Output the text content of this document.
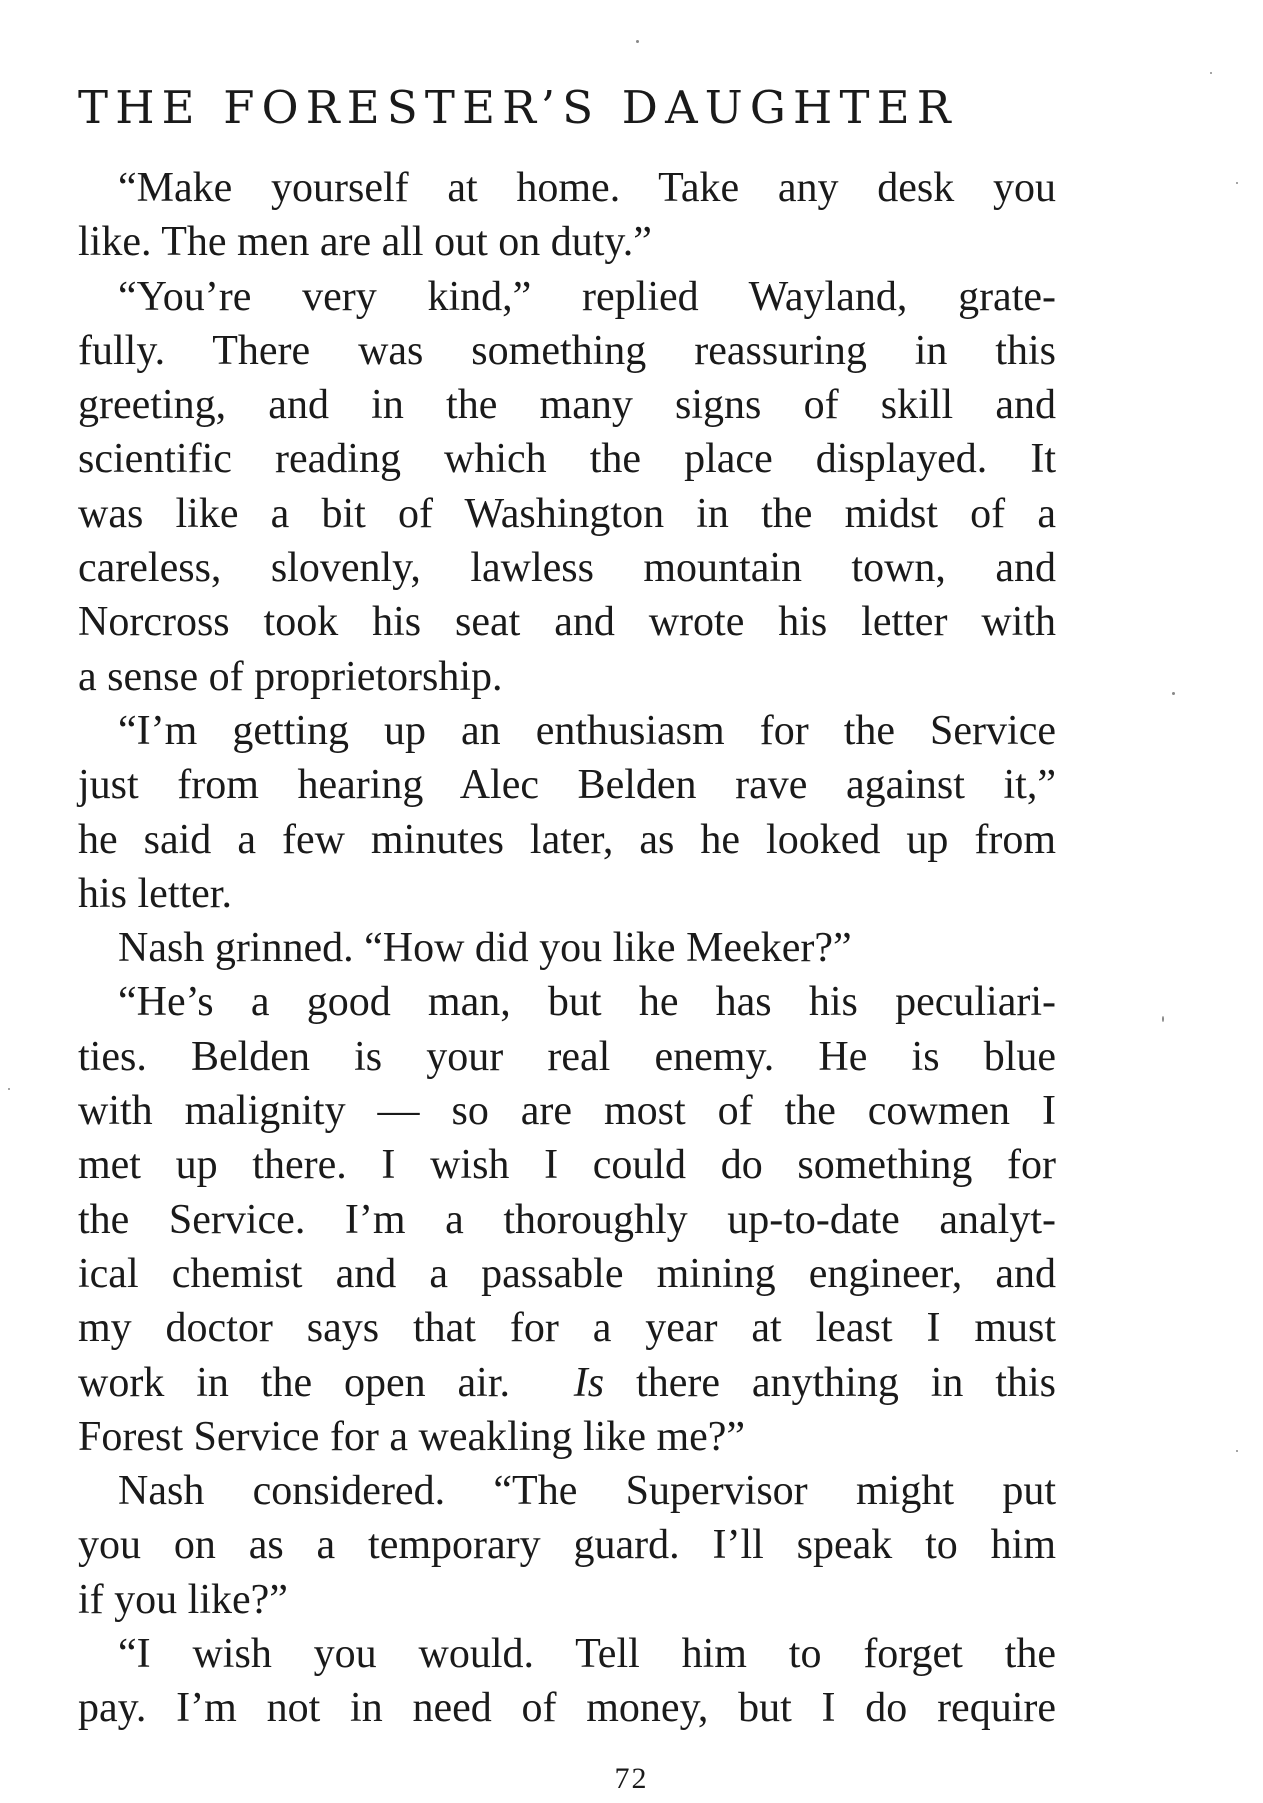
THE FORESTER’S DAUGHTER

“Make yourself at home. Take any desk you
like. The men are all out on duty.”

“You’re very kind,” replied Wayland, grate-
fully. There was something reassuring in this
greeting, and in the many signs of skill and
scientific reading which the place displayed. It
was like a bit of Washington in the midst of a
careless, slovenly, lawless mountain town, and
Norcross took his seat and wrote his letter with
a sense of proprietorship.

“I’m getting up an enthusiasm for the Service
just from hearing Alec Belden rave against it,”
he said a few minutes later, as he looked up from
his letter.

Nash grinned. “How did you like Meeker?”

“He’s a good man, but he has his peculiari-
ties. Belden is your real enemy. He is blue
with malignity — so are most of the cowmen I
met up there. I wish I could do something for
the Service. I’m a thoroughly up-to-date analyt-
ical chemist and a passable mining engineer, and
my doctor says that for a year at least I must
work in the open air.  Is there anything in this
Forest Service for a weakling like me?”

Nash considered. “The Supervisor might put
you on as a temporary guard. I’ll speak to him
if you like?”

“I wish you would. Tell him to forget the
pay. I’m not in need of money, but I do require

72
